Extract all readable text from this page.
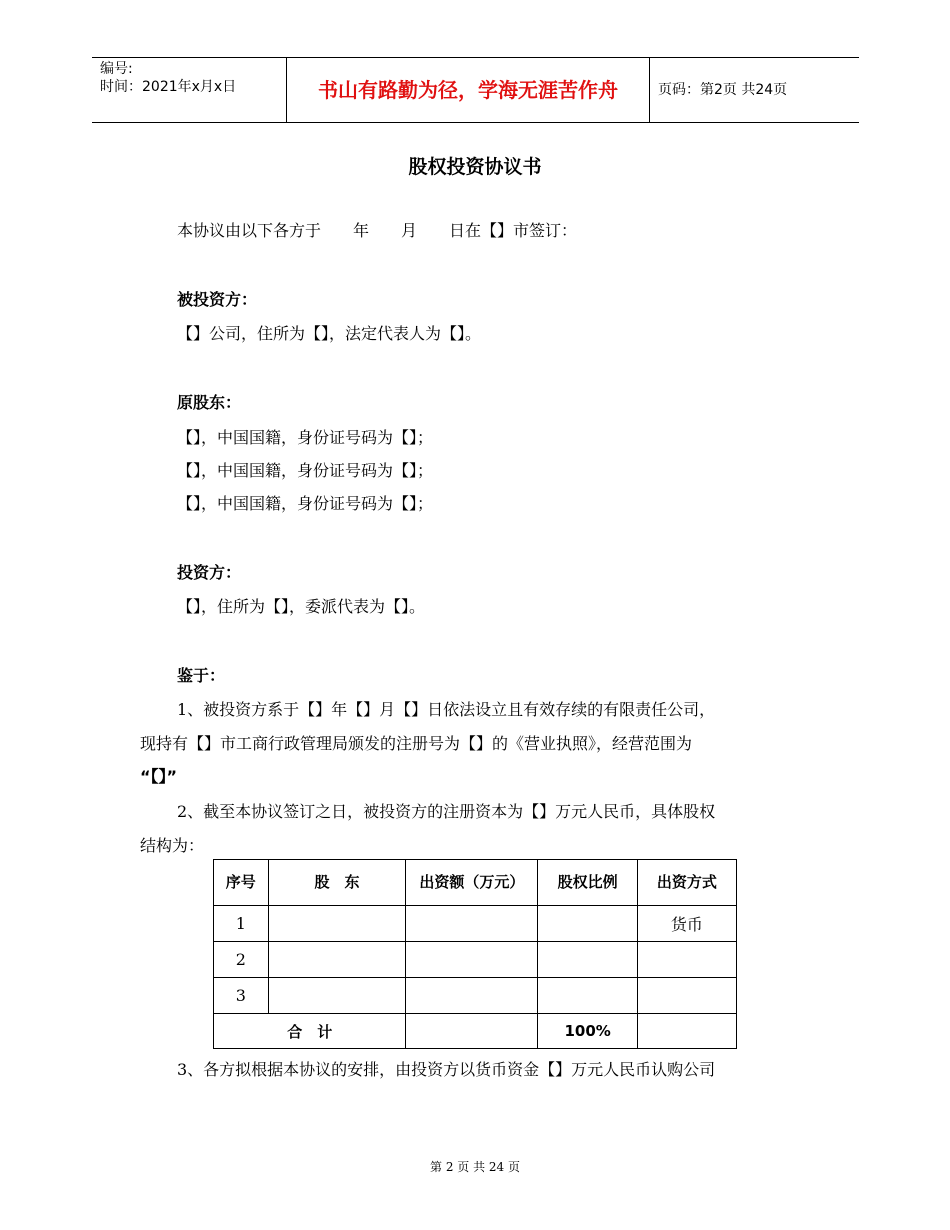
编号:
时间：2021年x月x日	书山有路勤为径，学海无涯苦作舟	页码：第2页 共24页
股权投资协议书
本协议由以下各方于　　年　　月　　日在【】市签订：
被投资方：
【】公司，住所为【】，法定代表人为【】。
原股东：
【】，中国国籍，身份证号码为【】；
【】，中国国籍，身份证号码为【】；
【】，中国国籍，身份证号码为【】；
投资方：
【】，住所为【】，委派代表为【】。
鉴于：
1、被投资方系于【】年【】月【】日依法设立且有效存续的有限责任公司，
现持有【】市工商行政管理局颁发的注册号为【】的《营业执照》，经营范围为
“【】”
2、截至本协议签订之日，被投资方的注册资本为【】万元人民币，具体股权
结构为：
序号	股　东	出资额（万元）	股权比例	出资方式
1				货币
2				
3				
合　计			100%	
3、各方拟根据本协议的安排，由投资方以货币资金【】万元人民币认购公司
第 2 页 共 24 页
